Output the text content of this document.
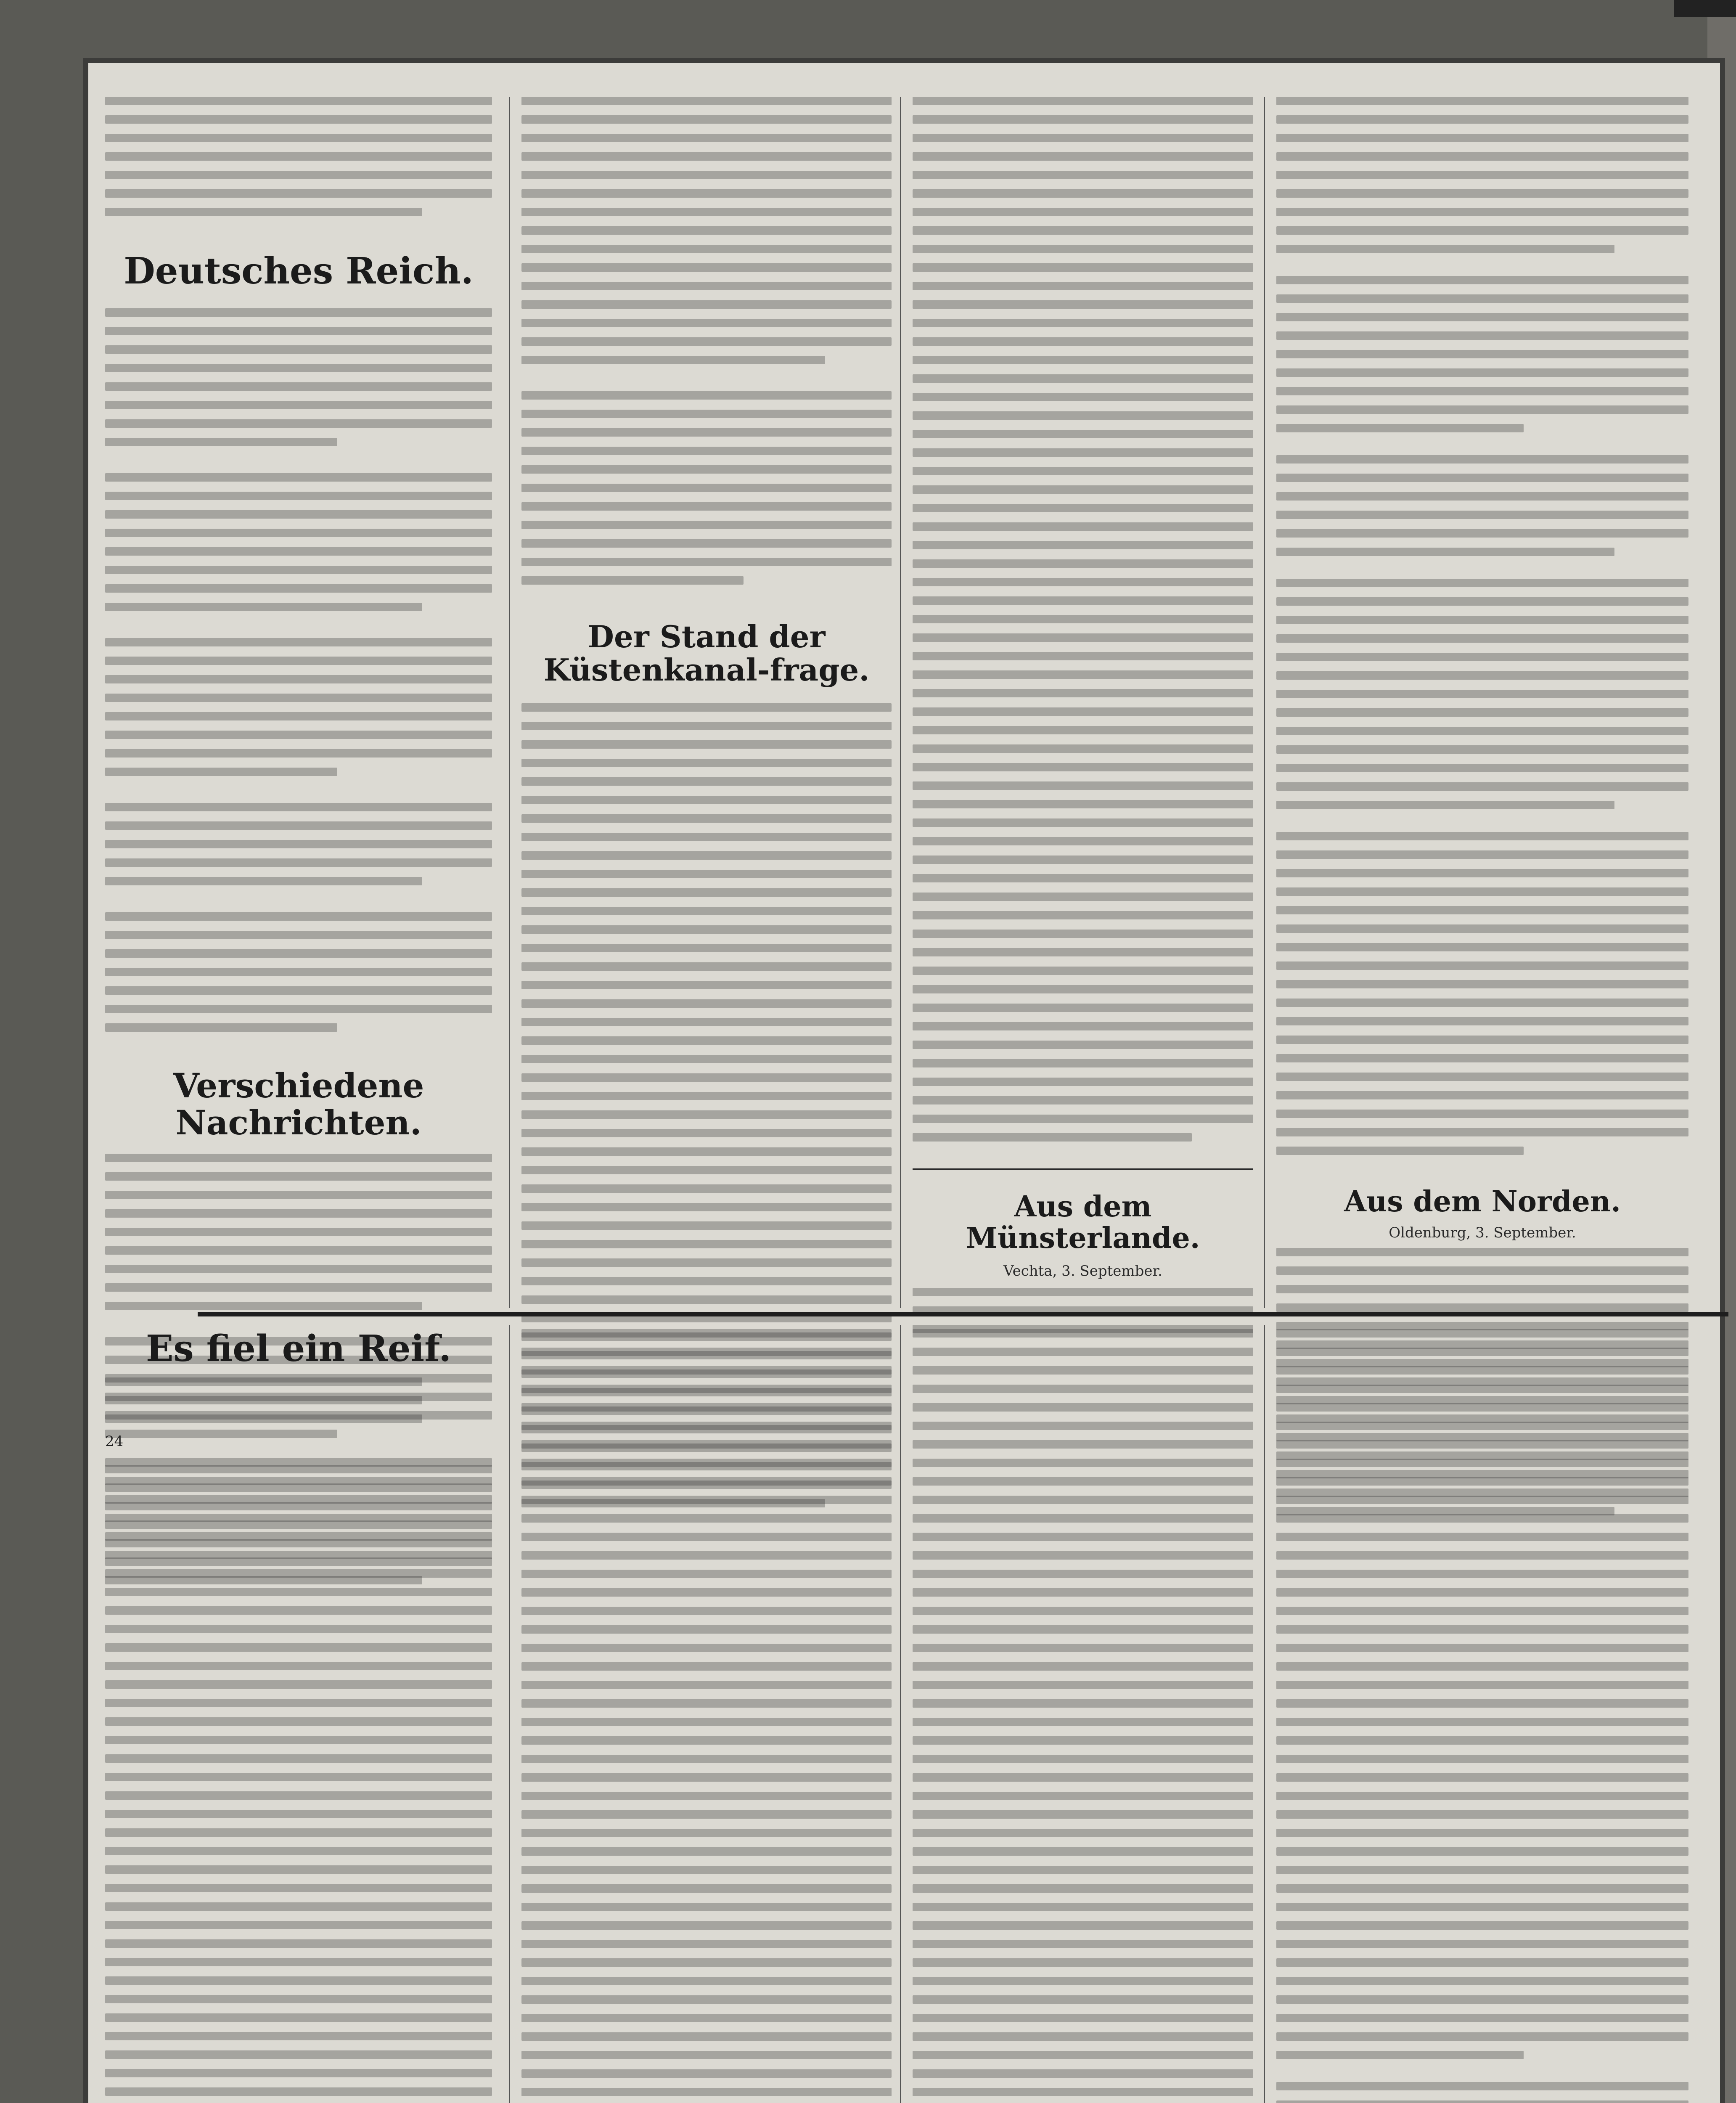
Deutsches Reich.
Verschiedene Nachrichten.
Der Stand der Küstenkanal-frage.
Aus dem Münsterlande.
Vechta, 3. September.
Aus dem Norden.
Oldenburg, 3. September.
Es fiel ein Reif.
24
